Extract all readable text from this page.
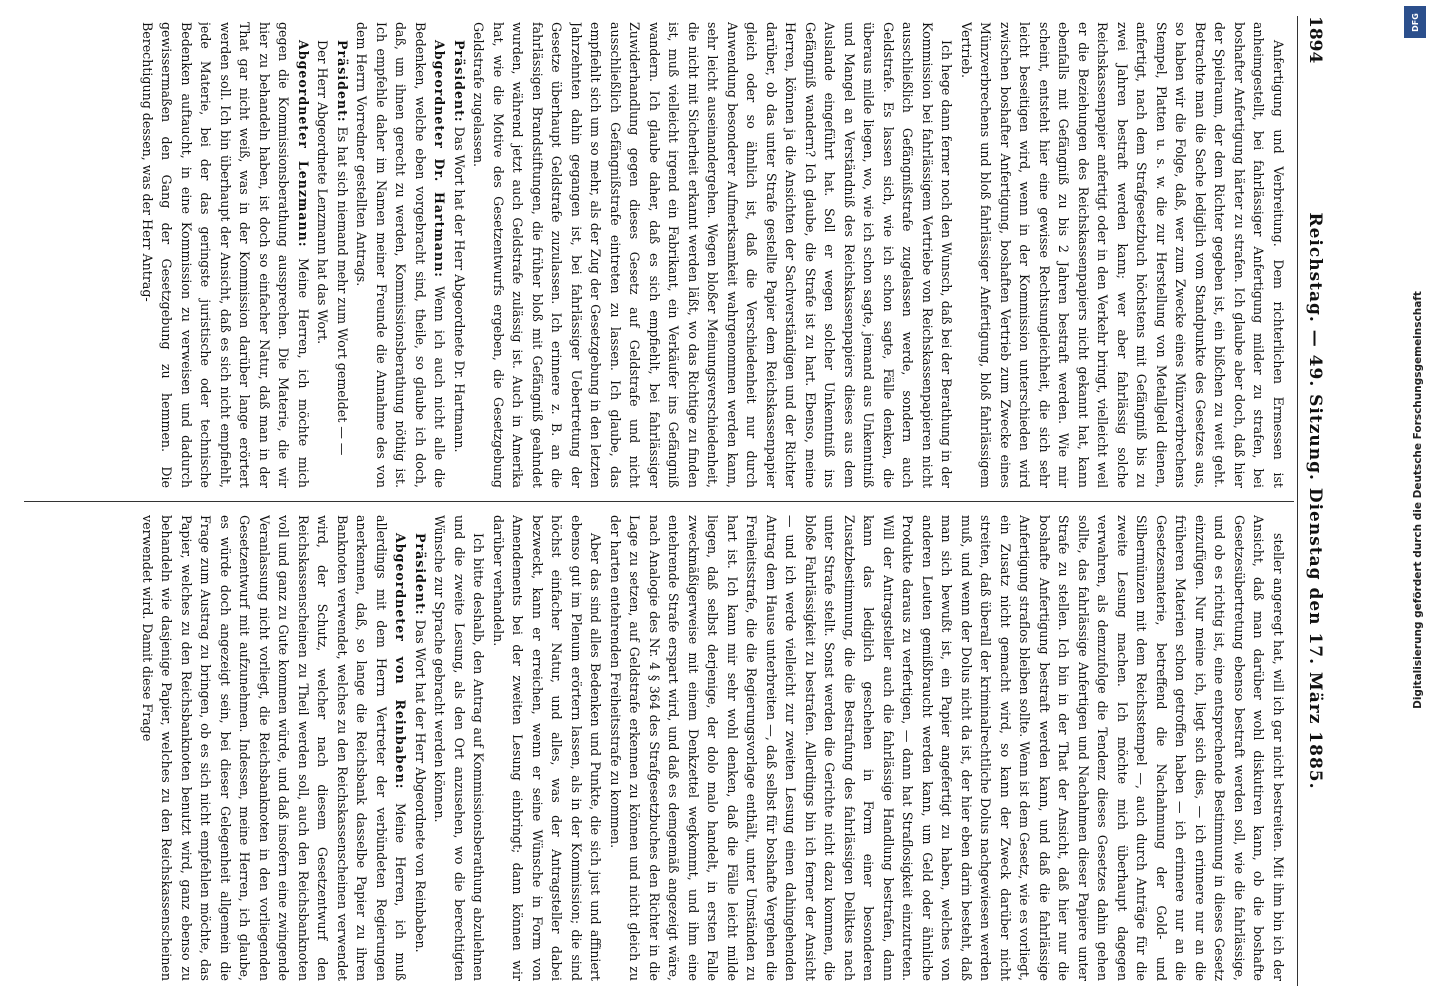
1894
Reichstag. — 49. Sitzung. Dienstag den 17. März 1885.

Anfertigung und Verbreitung. Dem richterlichen Ermessen ist anheimgestellt, bei fahrlässiger Anfertigung milder zu strafen, bei boshafter Anfertigung härter zu strafen. Ich glaube aber doch, daß hier der Spielraum, der dem Richter gegeben ist, ein bißchen zu weit geht. Betrachte man die Sache lediglich vom Standpunkte des Gesetzes aus, so haben wir die Folge, daß, wer zum Zwecke eines Münzverbrechens Stempel, Platten u. s. w. die zur Herstellung von Metallgeld dienen, anfertigt, nach dem Strafgesetzbuch höchstens mit Gefängniß bis zu zwei Jahren bestraft werden kann; wer aber fahrlässig solche Reichskassenpapier anfertigt oder in den Verkehr bringt, vielleicht weil er die Beziehungen des Reichskassenpapiers nicht gekannt hat, kann ebenfalls mit Gefängniß zu bis 2 Jahren bestraft werden. Wie mir scheint, entsteht hier eine gewisse Rechtsungleichheit, die sich sehr leicht beseitigen wird, wenn in der Kommission unterschieden wird zwischen boshafter Anfertigung, boshaften Vertrieb zum Zwecke eines Münzverbrechens und bloß fahrlässiger Anfertigung, bloß fahrlässigem Vertrieb.

Ich hege dann ferner noch den Wunsch, daß bei der Berathung in der Kommission bei fahrlässigem Vertriebe von Reichskassenpapieren nicht ausschließlich Gefängnißstrafe zugelassen werde, sondern auch Geldstrafe. Es lassen sich, wie ich schon sagte, Fälle denken, die überaus milde liegen, wo, wie ich schon sagte, jemand aus Unkenntniß und Mangel an Verständniß des Reichskassenpapiers dieses aus dem Auslande eingeführt hat. Soll er wegen solcher Unkenntniß ins Gefängniß wandern? Ich glaube, die Strafe ist zu hart. Ebenso, meine Herren, können ja die Ansichten der Sachverständigen und der Richter darüber, ob das unter Strafe gestellte Papier dem Reichskassenpapier gleich oder so ähnlich ist, daß die Verschiedenheit nur durch Anwendung besonderer Aufmerksamkeit wahrgenommen werden kann, sehr leicht auseinandergehen. Wegen bloßer Meinungsverschiedenheit, die nicht mit Sicherheit erkannt werden läßt, wo das Richtige zu finden ist, muß vielleicht irgend ein Fabrikant, ein Verkäufer ins Gefängniß wandern. Ich glaube daher, daß es sich empfiehlt, bei fahrlässiger Zuwiderhandlung gegen dieses Gesetz auf Geldstrafe und nicht ausschließlich Gefängnißstrafe eintreten zu lassen. Ich glaube, das empfiehlt sich um so mehr, als der Zug der Gesetzgebung in den letzten Jahrzehnten dahin gegangen ist, bei fahrlässiger Uebertretung der Gesetze überhaupt Geldstrafe zuzulassen. Ich erinnere z. B. an die fahrlässigen Brandstiftungen, die früher bloß mit Gefängniß geahndet wurden, während jetzt auch Geldstrafe zulässig ist. Auch in Amerika hat, wie die Motive des Gesetzentwurfs ergeben, die Gesetzgebung Geldstrafe zugelassen.

Präsident: Das Wort hat der Herr Abgeordnete Dr. Hartmann.

Abgeordneter Dr. Hartmann: Wenn ich auch nicht alle die Bedenken, welche eben vorgebracht sind, theile, so glaube ich doch, daß, um ihnen gerecht zu werden, Kommissionsberathung nöthig ist. Ich empfehle daher im Namen meiner Freunde die Annahme des von dem Herrn Vorredner gestellten Antrags.

Präsident: Es hat sich niemand mehr zum Wort gemeldet — —

Der Herr Abgeordnete Lenzmann hat das Wort.

Abgeordneter Lenzmann: Meine Herren, ich möchte mich gegen die Kommissionsberathung aussprechen. Die Materie, die wir hier zu behandeln haben, ist doch so einfacher Natur, daß man in der That gar nicht weiß, was in der Kommission darüber lange erörtert werden soll. Ich bin überhaupt der Ansicht, daß es sich nicht empfiehlt, jede Materie, bei der das geringste juristische oder technische Bedenken auftaucht, in eine Kommission zu verweisen und dadurch gewissermaßen den Gang der Gesetzgebung zu hemmen. Die Berechtigung dessen, was der Herr Antrag-

steller angeregt hat, will ich gar nicht bestreiten. Mit ihm bin ich der Ansicht, daß man darüber wohl diskutiren kann, ob die boshafte Gesetzesübertretung ebenso bestraft werden soll, wie die fahrlässige, und ob es richtig ist, eine entsprechende Bestimmung in dieses Gesetz einzufügen. Nur meine ich, liegt sich dies, — ich erinnere nur an die früheren Materien schon getroffen haben — ich erinnere nur an die Gesetzesmaterie, betreffend die Nachahmung der Gold- und Silbermünzen mit dem Reichsstempel —, auch durch Anträge für die zweite Lesung machen. Ich möchte mich überhaupt dagegen verwahren, als demzufolge die Tendenz dieses Gesetzes dahin gehen sollte, das fahrlässige Anfertigen und Nachahmen dieser Papiere unter Strafe zu stellen. Ich bin in der That der Ansicht, daß hier nur die boshafte Anfertigung bestraft werden kann, und daß die fahrlässige Anfertigung straflos bleiben sollte. Wenn ist dem Gesetz, wie es vorliegt, ein Zusatz nicht gemacht wird, so kann der Zweck darüber nicht streiten, daß überall der kriminalrechtliche Dolus nachgewiesen werden muß, und wenn der Dolus nicht da ist, der hier eben darin besteht, daß man sich bewußt ist, ein Papier angefertigt zu haben, welches von anderen Leuten gemißbraucht werden kann, um Geld oder ähnliche Produkte daraus zu verfertigen, — dann hat Straflosigkeit einzutreten. Will der Antragsteller auch die fahrlässige Handlung bestrafen, dann kann das lediglich geschehen in Form einer besonderen Zusatzbestimmung, die die Bestrafung des fahrlässigen Deliktes nach unter Strafe stellt. Sonst werden die Gerichte nicht dazu kommen, die bloße Fahrlässigkeit zu bestrafen. Allerdings bin ich ferner der Ansicht — und ich werde vielleicht zur zweiten Lesung einen dahingehenden Antrag dem Hause unterbreiten —, daß selbst für boshafte Vergehen die Freiheitsstrafe, die die Regierungsvorlage enthält, unter Umständen zu hart ist. Ich kann mir sehr wohl denken, daß die Fälle leicht milde liegen, daß selbst derjenige, der dolo malo handelt, in ersten Falle zweckmäßigerweise mit einem Denkzettel wegkommt, und ihm eine entehrende Strafe erspart wird, und daß es demgemäß angezeigt wäre, nach Analogie des Nr. 4 § 364 des Strafgesetzbuches den Richter in die Lage zu setzen, auf Geldstrafe erkennen zu können und nicht gleich zu der harten entehrenden Freiheitsstrafe zu kommen.

Aber das sind alles Bedenken und Punkte, die sich just und affiniert ebenso gut im Plenum erörtern lassen, als in der Kommission; die sind höchst einfacher Natur, und alles, was der Antragsteller dabei bezweckt, kann er erreichen, wenn er seine Wünsche in Form von Amendements bei der zweiten Lesung einbringt; dann können wir darüber verhandeln.

Ich bitte deshalb, den Antrag auf Kommissionsberathung abzulehnen und die zweite Lesung, als den Ort anzusehen, wo die berechtigten Wünsche zur Sprache gebracht werden können.

Präsident: Das Wort hat der Herr Abgeordnete von Reinbaben.

Abgeordneter von Reinbaben: Meine Herren, ich muß allerdings mit dem Herrn Vertreter der verbündeten Regierungen anerkennen, daß, so lange die Reichsbank dasselbe Papier zu ihren Banknoten verwendet, welches zu den Reichskassenscheinen verwendet wird, der Schutz, welcher nach diesem Gesetzentwurf den Reichskassenscheinen zu Theil werden soll, auch den Reichsbanknoten voll und ganz zu Gute kommen würde, und daß insofern eine zwingende Veranlassung nicht vorliegt, die Reichsbanknoten in den vorliegenden Gesetzentwurf mit aufzunehmen. Indessen, meine Herren, ich glaube, es würde doch angezeigt sein, bei dieser Gelegenheit allgemein die Frage zum Austrag zu bringen, ob es sich nicht empfehlen möchte, das Papier, welches zu den Reichsbanknoten benutzt wird, ganz ebenso zu behandeln wie dasjenige Papier, welches zu den Reichskassenscheinen verwendet wird. Damit diese Frage

DFG
Digitalisierung gefördert durch die Deutsche Forschungsgemeinschaft
